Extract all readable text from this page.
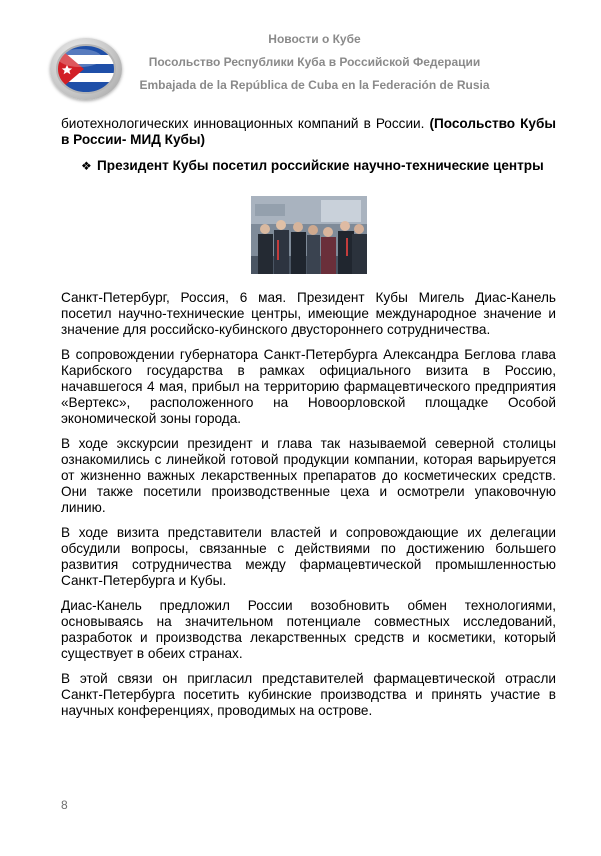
Новости о Кубе
Посольство Республики Куба в Российской Федерации
Embajada de la República de Cuba en la Federación de Rusia

биотехнологических инновационных компаний в России. (Посольство Кубы в России- МИД Кубы)

❖ Президент Кубы посетил российские научно-технические центры

Санкт-Петербург, Россия, 6 мая. Президент Кубы Мигель Диас-Канель посетил научно-технические центры, имеющие международное значение и значение для российско-кубинского двустороннего сотрудничества.

В сопровождении губернатора Санкт-Петербурга Александра Беглова глава Карибского государства в рамках официального визита в Россию, начавшегося 4 мая, прибыл на территорию фармацевтического предприятия «Вертекс», расположенного на Новоорловской площадке Особой экономической зоны города.

В ходе экскурсии президент и глава так называемой северной столицы ознакомились с линейкой готовой продукции компании, которая варьируется от жизненно важных лекарственных препаратов до косметических средств. Они также посетили производственные цеха и осмотрели упаковочную линию.

В ходе визита представители властей и сопровождающие их делегации обсудили вопросы, связанные с действиями по достижению большего развития сотрудничества между фармацевтической промышленностью Санкт-Петербурга и Кубы.

Диас-Канель предложил России возобновить обмен технологиями, основываясь на значительном потенциале совместных исследований, разработок и производства лекарственных средств и косметики, который существует в обеих странах.

В этой связи он пригласил представителей фармацевтической отрасли Санкт-Петербурга посетить кубинские производства и принять участие в научных конференциях, проводимых на острове.

8
